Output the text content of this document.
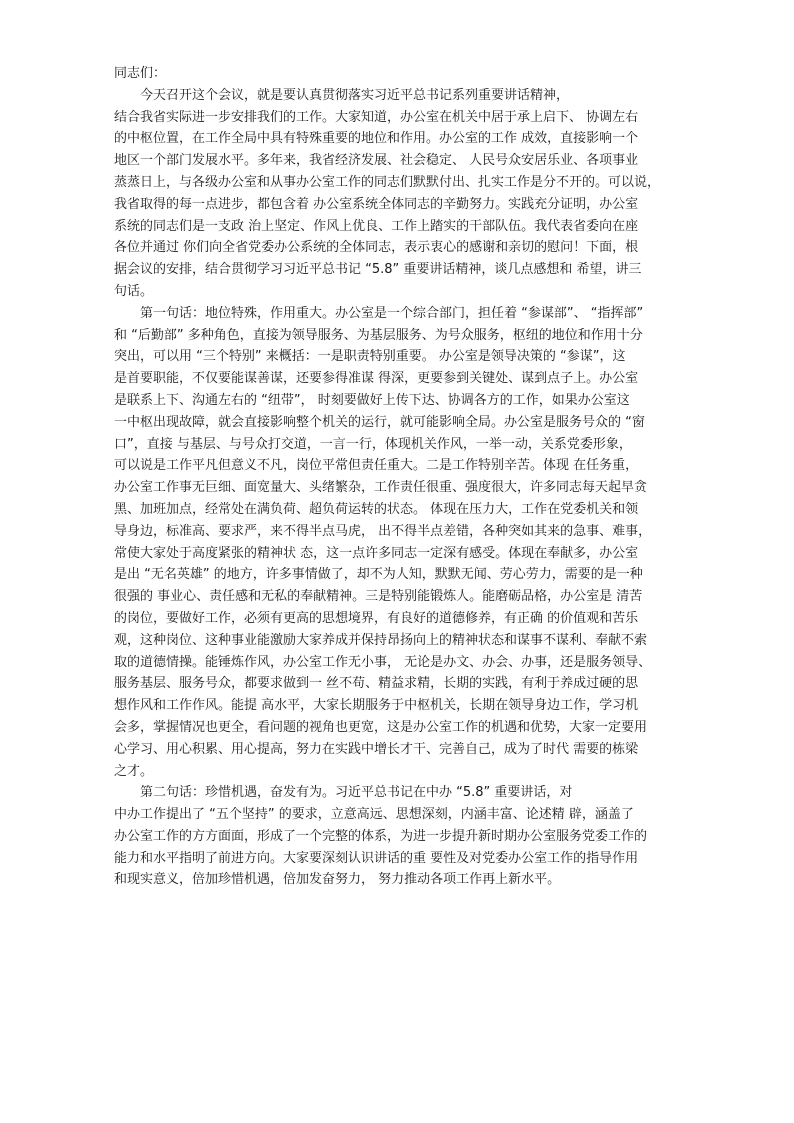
同志们：
　　今天召开这个会议，就是要认真贯彻落实习近平总书记系列重要讲话精神，
结合我省实际进一步安排我们的工作。大家知道，办公室在机关中居于承上启下、 协调左右
的中枢位置，在工作全局中具有特殊重要的地位和作用。办公室的工作 成效，直接影响一个
地区一个部门发展水平。多年来，我省经济发展、社会稳定、 人民号众安居乐业、各项事业
蒸蒸日上，与各级办公室和从事办公室工作的同志们默默付出、扎实工作是分不开的。可以说，
我省取得的每一点进步，都包含着 办公室系统全体同志的辛勤努力。实践充分证明，办公室
系统的同志们是一支政 治上坚定、作风上优良、工作上踏实的干部队伍。我代表省委向在座
各位并通过 你们向全省党委办公系统的全体同志，表示衷心的感谢和亲切的慰问！下面，根
据会议的安排，结合贯彻学习习近平总书记 “5.8” 重要讲话精神，谈几点感想和 希望，讲三
句话。
　　第一句话：地位特殊，作用重大。办公室是一个综合部门，担任着 “参谋部”、 “指挥部”
和 “后勤部” 多种角色，直接为领导服务、为基层服务、为号众服务，枢纽的地位和作用十分
突出，可以用 “三个特别” 来概括：一是职责特别重要。 办公室是领导决策的 “参谋”，这
是首要职能，不仅要能谋善谋，还要参得准谋 得深，更要参到关键处、谋到点子上。办公室
是联系上下、沟通左右的 “纽带”， 时刻要做好上传下达、协调各方的工作，如果办公室这
一中枢出现故障，就会直接影响整个机关的运行，就可能影响全局。办公室是服务号众的 “窗
口”，直接 与基层、与号众打交道，一言一行，体现机关作风，一举一动，关系党委形象，
可以说是工作平凡但意义不凡，岗位平常但责任重大。二是工作特别辛苦。体现 在任务重，
办公室工作事无巨细、面宽量大、头绪繁杂，工作责任很重、强度很大，许多同志每天起早贪
黑、加班加点，经常处在满负荷、超负荷运转的状态。 体现在压力大，工作在党委机关和领
导身边，标准高、要求严，来不得半点马虎， 出不得半点差错，各种突如其来的急事、难事，
常使大家处于高度紧张的精神状 态，这一点许多同志一定深有感受。体现在奉献多，办公室
是出 “无名英雄” 的地方，许多事情做了，却不为人知，默默无闻、劳心劳力，需要的是一种
很强的 事业心、责任感和无私的奉献精神。三是特别能锻炼人。能磨砺品格，办公室是 清苦
的岗位，要做好工作，必须有更高的思想境界，有良好的道德修养，有正确 的价值观和苦乐
观，这种岗位、这种事业能激励大家养成并保持昂扬向上的精神状态和谋事不谋利、奉献不索
取的道德情操。能锤炼作风，办公室工作无小事， 无论是办文、办会、办事，还是服务领导、
服务基层、服务号众，都要求做到一 丝不苟、精益求精，长期的实践，有利于养成过硬的思
想作风和工作作风。能提 高水平，大家长期服务于中枢机关，长期在领导身边工作，学习机
会多，掌握情况也更全，看问题的视角也更宽，这是办公室工作的机遇和优势，大家一定要用
心学习、用心积累、用心提高，努力在实践中增长才干、完善自己，成为了时代 需要的栋梁
之才。
　　第二句话：珍惜机遇，奋发有为。习近平总书记在中办 “5.8” 重要讲话，对
中办工作提出了 “五个坚持” 的要求，立意高远、思想深刻，内涵丰富、论述精 辟，涵盖了
办公室工作的方方面面，形成了一个完整的体系，为进一步提升新时期办公室服务党委工作的
能力和水平指明了前进方向。大家要深刻认识讲话的重 要性及对党委办公室工作的指导作用
和现实意义，倍加珍惜机遇，倍加发奋努力， 努力推动各项工作再上新水平。
